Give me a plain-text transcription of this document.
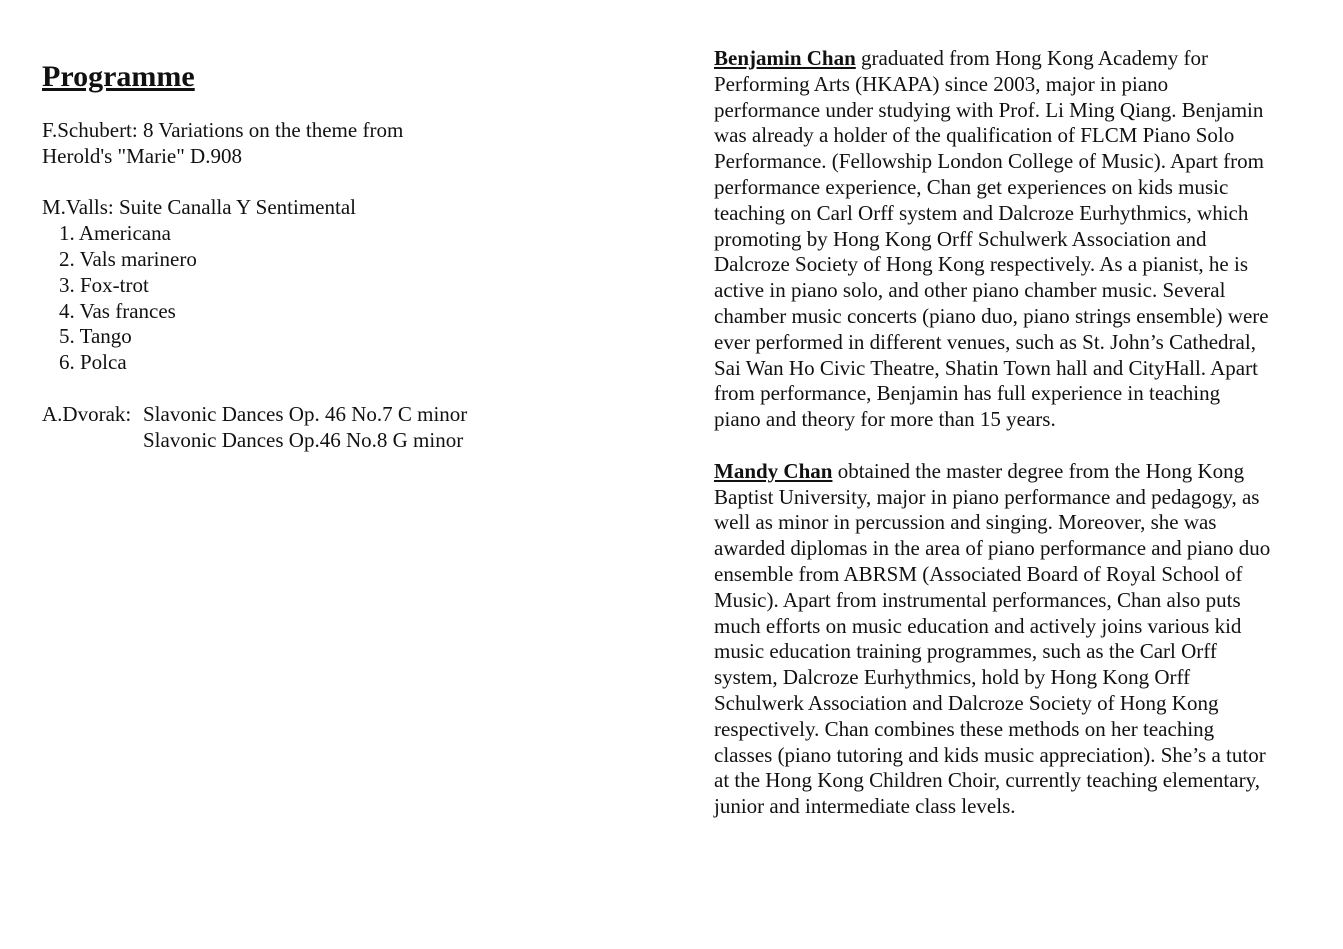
Programme
F.Schubert: 8 Variations on the theme from
Herold's "Marie" D.908
M.Valls: Suite Canalla Y Sentimental
1. Americana
2. Vals marinero
3. Fox-trot
4. Vas frances
5. Tango
6. Polca
A.Dvorak: Slavonic Dances Op. 46 No.7 C minor
Slavonic Dances Op.46 No.8 G minor
Benjamin Chan graduated from Hong Kong Academy for
Performing Arts (HKAPA) since 2003, major in piano
performance under studying with Prof. Li Ming Qiang. Benjamin
was already a holder of the qualification of FLCM Piano Solo
Performance. (Fellowship London College of Music). Apart from
performance experience, Chan get experiences on kids music
teaching on Carl Orff system and Dalcroze Eurhythmics, which
promoting by Hong Kong Orff Schulwerk Association and
Dalcroze Society of Hong Kong respectively. As a pianist, he is
active in piano solo, and other piano chamber music. Several
chamber music concerts (piano duo, piano strings ensemble) were
ever performed in different venues, such as St. John’s Cathedral,
Sai Wan Ho Civic Theatre, Shatin Town hall and CityHall. Apart
from performance, Benjamin has full experience in teaching
piano and theory for more than 15 years.
Mandy Chan obtained the master degree from the Hong Kong
Baptist University, major in piano performance and pedagogy, as
well as minor in percussion and singing. Moreover, she was
awarded diplomas in the area of piano performance and piano duo
ensemble from ABRSM (Associated Board of Royal School of
Music). Apart from instrumental performances, Chan also puts
much efforts on music education and actively joins various kid
music education training programmes, such as the Carl Orff
system, Dalcroze Eurhythmics, hold by Hong Kong Orff
Schulwerk Association and Dalcroze Society of Hong Kong
respectively. Chan combines these methods on her teaching
classes (piano tutoring and kids music appreciation). She’s a tutor
at the Hong Kong Children Choir, currently teaching elementary,
junior and intermediate class levels.
